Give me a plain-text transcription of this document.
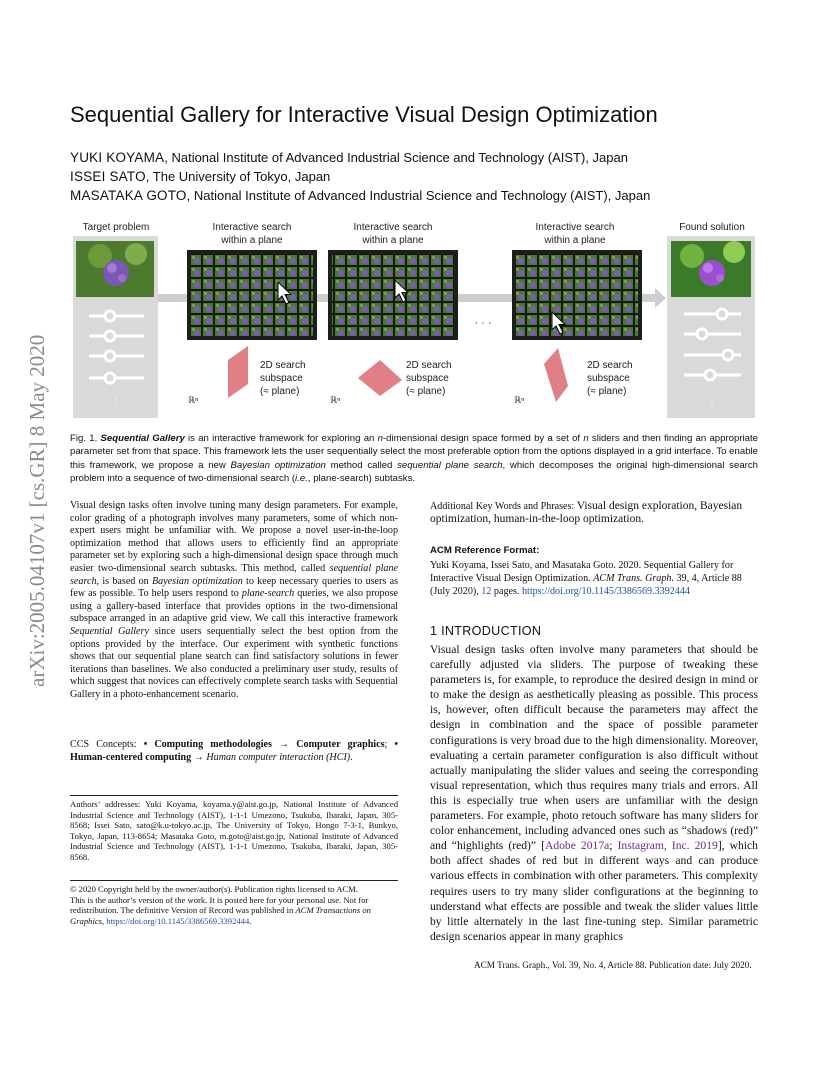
arXiv:2005.04107v1 [cs.GR] 8 May 2020
Sequential Gallery for Interactive Visual Design Optimization
YUKI KOYAMA, National Institute of Advanced Industrial Science and Technology (AIST), Japan
ISSEI SATO, The University of Tokyo, Japan
MASATAKA GOTO, National Institute of Advanced Industrial Science and Technology (AIST), Japan
Target problem
⋮
Found solution
⋮
Interactive search
within a plane
ℝⁿ
2D search
subspace
(≈ plane)
Interactive search
within a plane
ℝⁿ
2D search
subspace
(≈ plane)
· · ·
Interactive search
within a plane
ℝⁿ
2D search
subspace
(≈ plane)
Fig. 1. Sequential Gallery is an interactive framework for exploring an n-dimensional design space formed by a set of n sliders and then finding an appropriate parameter set from that space. This framework lets the user sequentially select the most preferable option from the options displayed in a grid interface. To enable this framework, we propose a new Bayesian optimization method called sequential plane search, which decomposes the original high-dimensional search problem into a sequence of two-dimensional search (i.e., plane-search) subtasks.
Visual design tasks often involve tuning many design parameters. For example, color grading of a photograph involves many parameters, some of which non-expert users might be unfamiliar with. We propose a novel user-in-the-loop optimization method that allows users to efficiently find an appropriate parameter set by exploring such a high-dimensional design space through much easier two-dimensional search subtasks. This method, called sequential plane search, is based on Bayesian optimization to keep necessary queries to users as few as possible. To help users respond to plane-search queries, we also propose using a gallery-based interface that provides options in the two-dimensional subspace arranged in an adaptive grid view. We call this interactive framework Sequential Gallery since users sequentially select the best option from the options provided by the interface. Our experiment with synthetic functions shows that our sequential plane search can find satisfactory solutions in fewer iterations than baselines. We also conducted a preliminary user study, results of which suggest that novices can effectively complete search tasks with Sequential Gallery in a photo-enhancement scenario.
CCS Concepts: • Computing methodologies → Computer graphics; • Human-centered computing → Human computer interaction (HCI).
Authors’ addresses: Yuki Koyama, koyama.y@aist.go.jp, National Institute of Advanced Industrial Science and Technology (AIST), 1-1-1 Umezono, Tsukuba, Ibaraki, Japan, 305-8568; Issei Sato, sato@k.u-tokyo.ac.jp, The University of Tokyo, Hongo 7-3-1, Bunkyo, Tokyo, Japan, 113-8654; Masataka Goto, m.goto@aist.go.jp, National Institute of Advanced Industrial Science and Technology (AIST), 1-1-1 Umezono, Tsukuba, Ibaraki, Japan, 305-8568.
© 2020 Copyright held by the owner/author(s). Publication rights licensed to ACM.
This is the author’s version of the work. It is posted here for your personal use. Not for redistribution. The definitive Version of Record was published in ACM Transactions on Graphics, https://doi.org/10.1145/3386569.3392444.
Additional Key Words and Phrases: Visual design exploration, Bayesian optimization, human-in-the-loop optimization.
ACM Reference Format:
Yuki Koyama, Issei Sato, and Masataka Goto. 2020. Sequential Gallery for Interactive Visual Design Optimization. ACM Trans. Graph. 39, 4, Article 88 (July 2020), 12 pages. https://doi.org/10.1145/3386569.3392444
1 INTRODUCTION
Visual design tasks often involve many parameters that should be carefully adjusted via sliders. The purpose of tweaking these parameters is, for example, to reproduce the desired design in mind or to make the design as aesthetically pleasing as possible. This process is, however, often difficult because the parameters may affect the design in combination and the space of possible parameter configurations is very broad due to the high dimensionality. Moreover, evaluating a certain parameter configuration is also difficult without actually manipulating the slider values and seeing the corresponding visual representation, which thus requires many trials and errors. All this is especially true when users are unfamiliar with the design parameters. For example, photo retouch software has many sliders for color enhancement, including advanced ones such as “shadows (red)” and “highlights (red)” [Adobe 2017a; Instagram, Inc. 2019], which both affect shades of red but in different ways and can produce various effects in combination with other parameters. This complexity requires users to try many slider configurations at the beginning to understand what effects are possible and tweak the slider values little by little alternately in the last fine-tuning step. Similar parametric design scenarios appear in many graphics
ACM Trans. Graph., Vol. 39, No. 4, Article 88. Publication date: July 2020.
